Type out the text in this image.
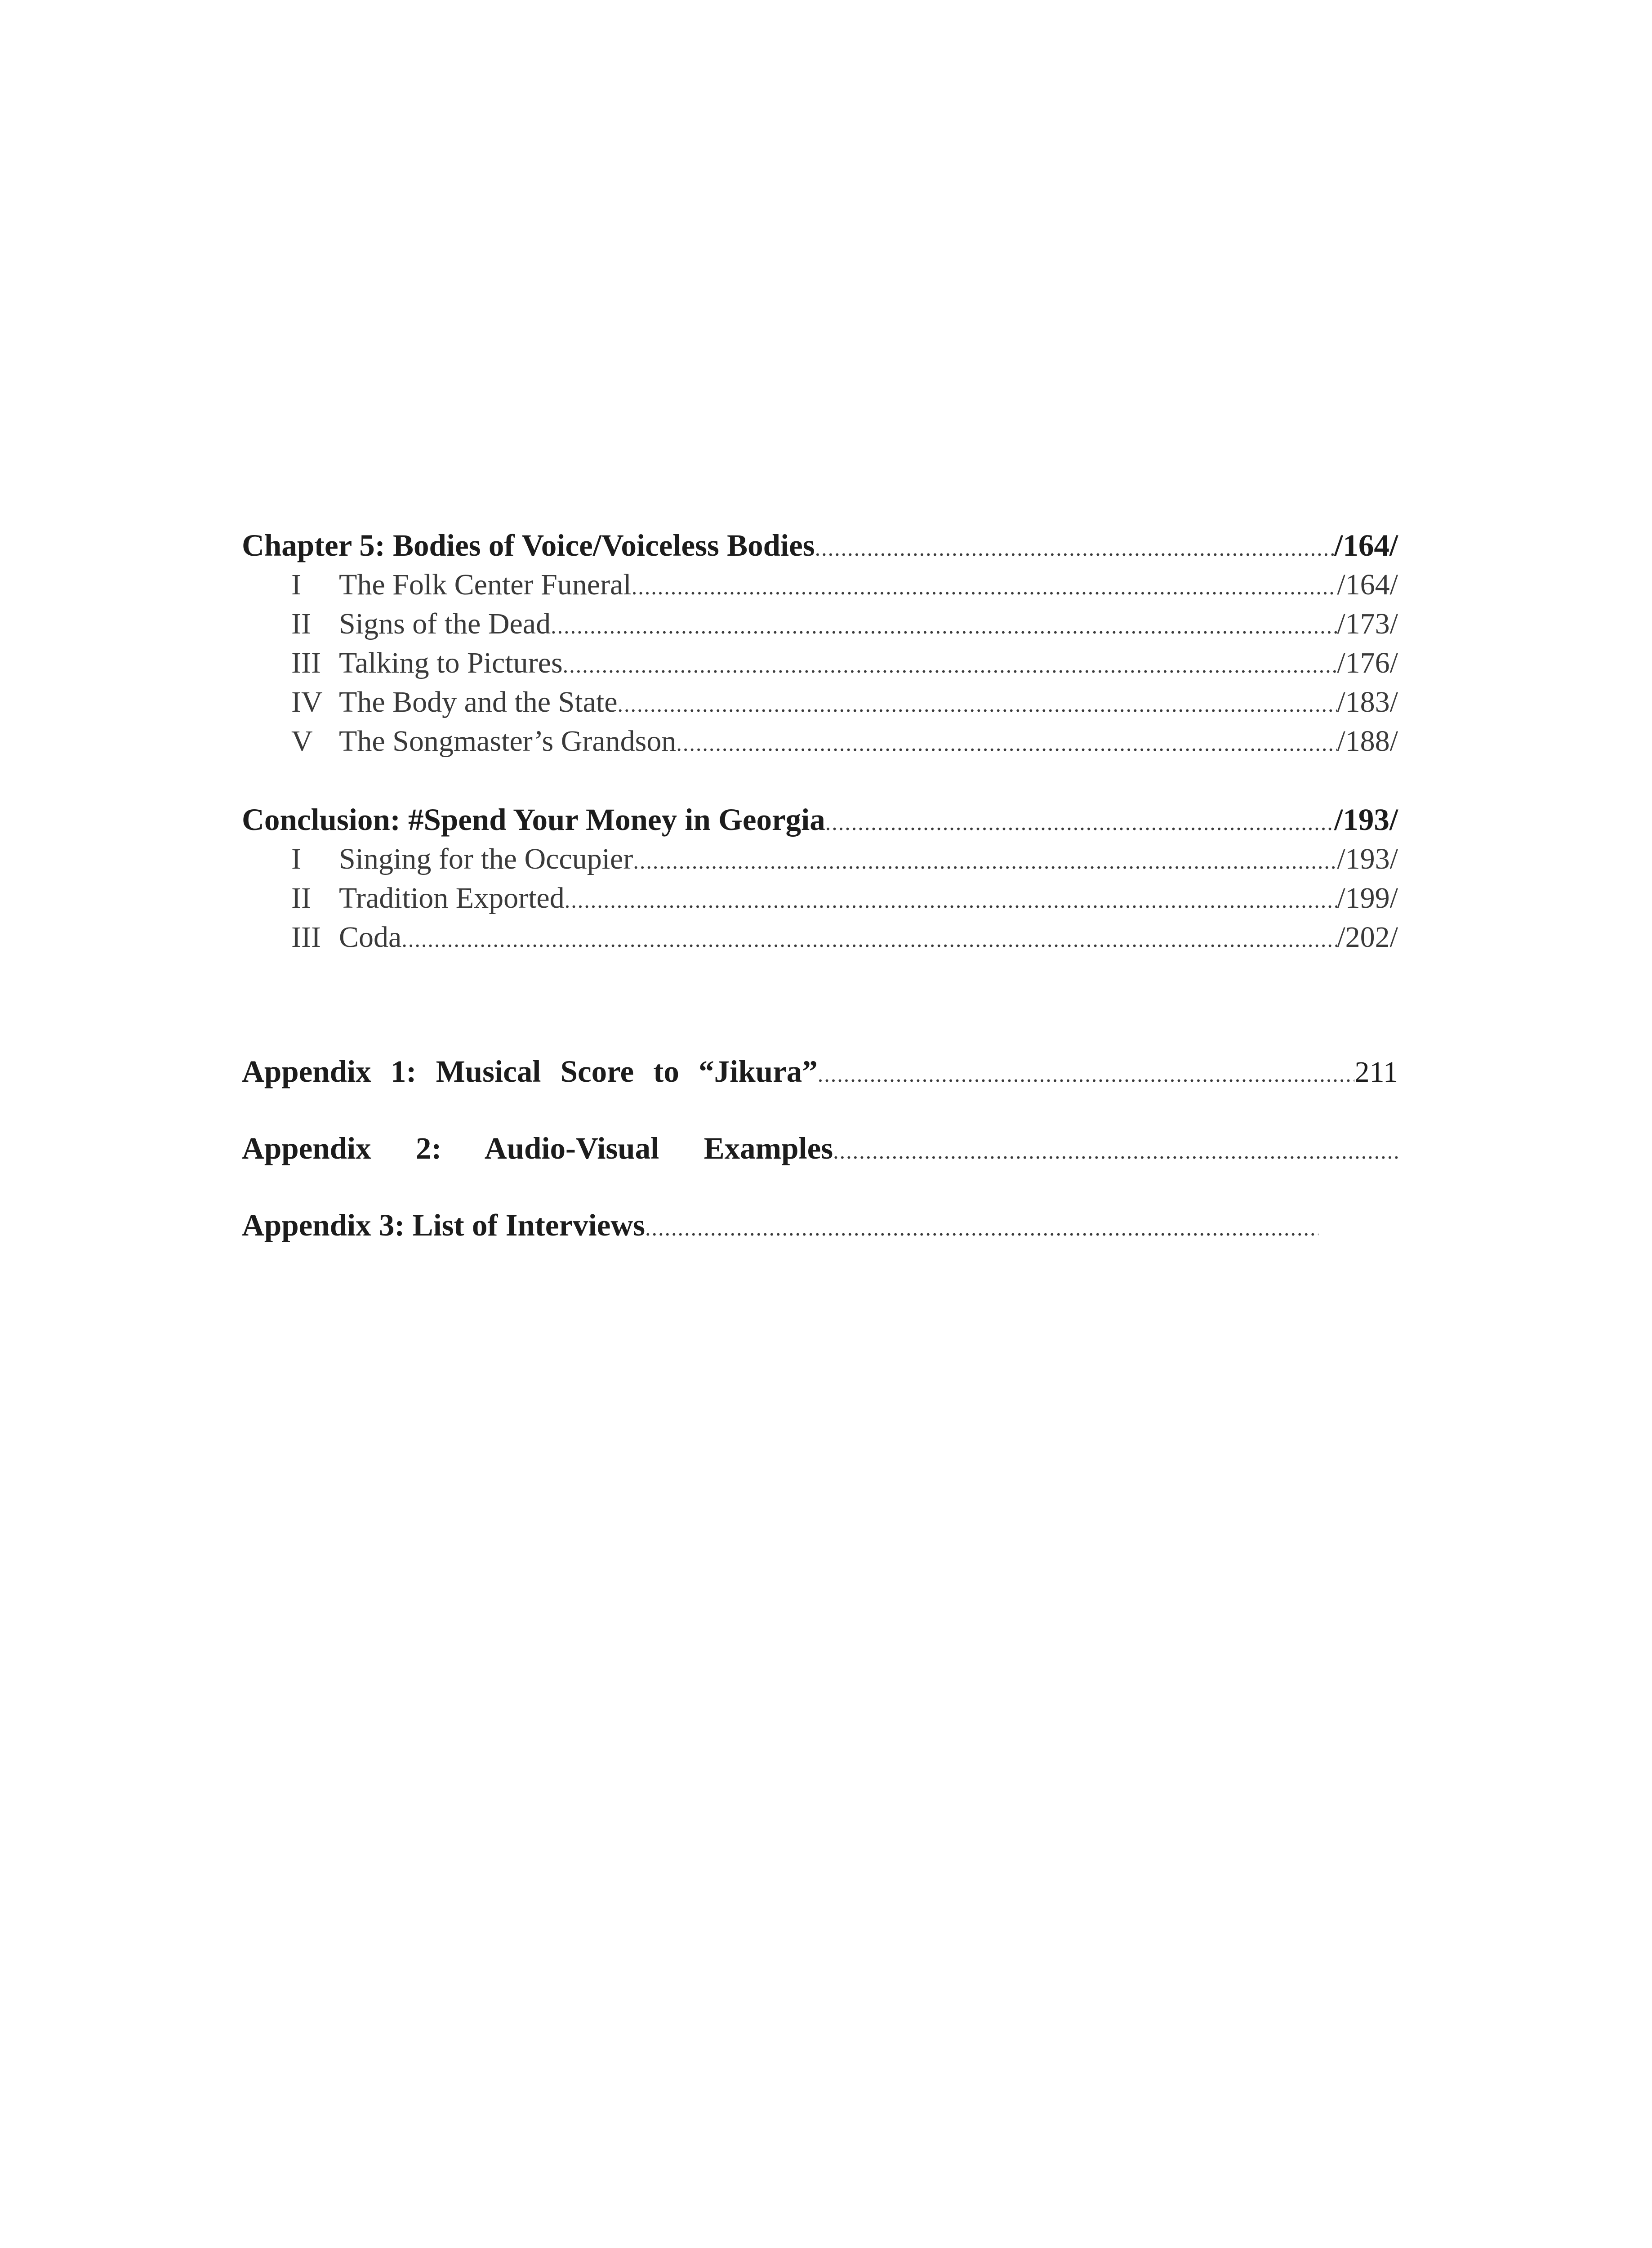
Chapter 5: Bodies of Voice/Voiceless Bodies .....	/164/
I	The Folk Center Funeral .....	/164/
II Signs of the Dead .....	/173/
III Talking to Pictures .....	/176/
IV The Body and the State .....	/183/
V The Songmaster’s Grandson .....	/188/
Conclusion: #Spend Your Money in Georgia .....	/193/
I	Singing for the Occupier .....	/193/
II Tradition Exported .....	/199/
III Coda .....	/202/
Appendix 1: Musical Score to “Jikura” .....	211
Appendix 2: Audio-Visual Examples
.....
Appendix 3: List of Interviews
.....
